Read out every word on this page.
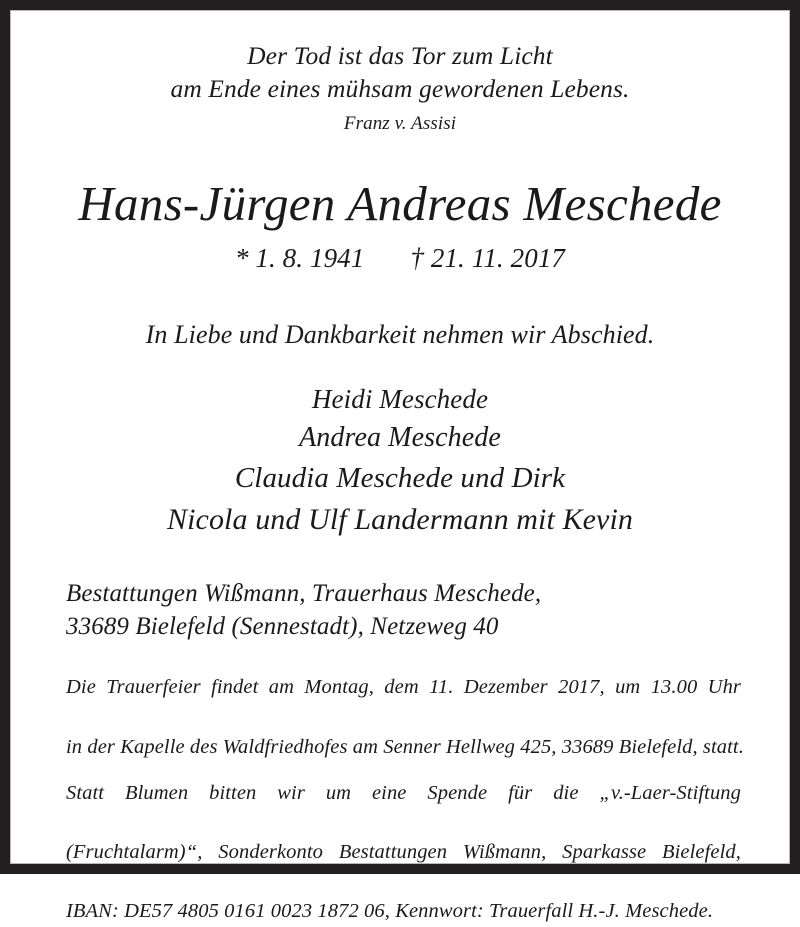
Der Tod ist das Tor zum Licht
am Ende eines mühsam gewordenen Lebens.
Franz v. Assisi
Hans-Jürgen Andreas Meschede
* 1. 8. 1941 † 21. 11. 2017
In Liebe und Dankbarkeit nehmen wir Abschied.
Heidi Meschede
Andrea Meschede
Claudia Meschede und Dirk
Nicola und Ulf Landermann mit Kevin
Bestattungen Wißmann, Trauerhaus Meschede,
33689 Bielefeld (Sennestadt), Netzeweg 40
Die Trauerfeier findet am Montag, dem 11. Dezember 2017, um 13.00 Uhr
in der Kapelle des Waldfriedhofes am Senner Hellweg 425, 33689 Bielefeld, statt.
Statt Blumen bitten wir um eine Spende für die „v.-Laer-Stiftung
(Fruchtalarm)“, Sonderkonto Bestattungen Wißmann, Sparkasse Bielefeld,
IBAN: DE57 4805 0161 0023 1872 06, Kennwort: Trauerfall H.-J. Meschede.
